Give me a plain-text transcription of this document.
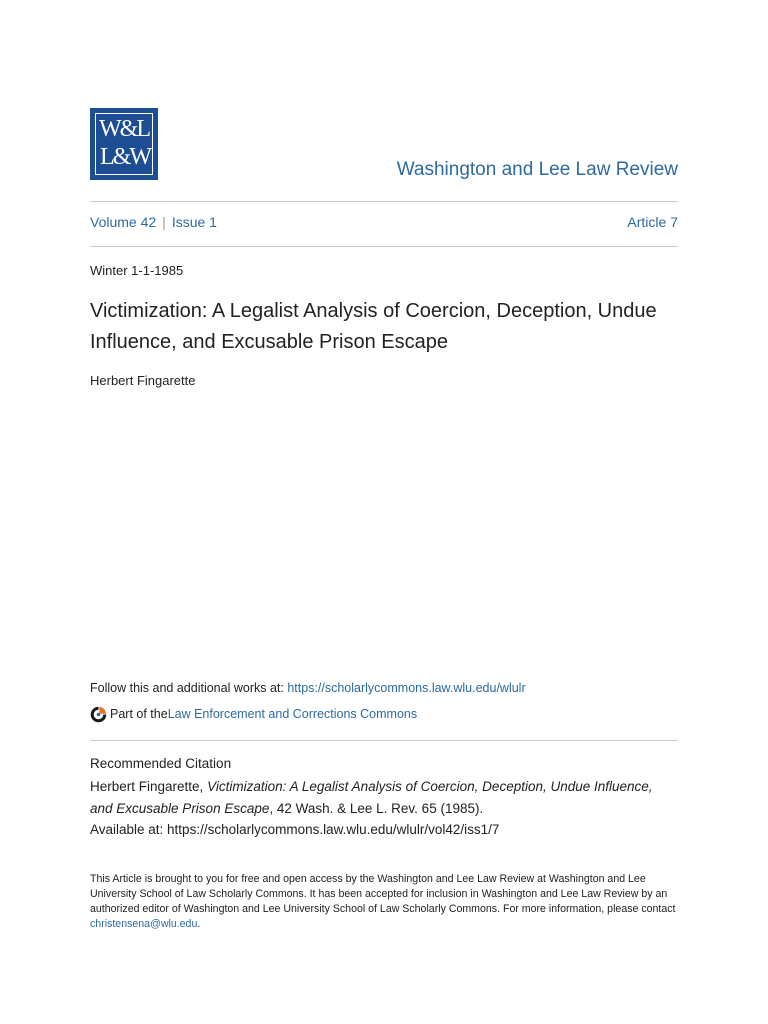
W&L
L&W	Washington and Lee Law Review
Volume 42 | Issue 1	Article 7
Winter 1-1-1985
Victimization: A Legalist Analysis of Coercion, Deception, Undue Influence, and Excusable Prison Escape
Herbert Fingarette
Follow this and additional works at: https://scholarlycommons.law.wlu.edu/wlulr
Part of the Law Enforcement and Corrections Commons
Recommended Citation
Herbert Fingarette, Victimization: A Legalist Analysis of Coercion, Deception, Undue Influence,
and Excusable Prison Escape, 42 Wash. & Lee L. Rev. 65 (1985).
Available at: https://scholarlycommons.law.wlu.edu/wlulr/vol42/iss1/7
This Article is brought to you for free and open access by the Washington and Lee Law Review at Washington and Lee University School of Law Scholarly Commons. It has been accepted for inclusion in Washington and Lee Law Review by an authorized editor of Washington and Lee University School of Law Scholarly Commons. For more information, please contact christensena@wlu.edu.
